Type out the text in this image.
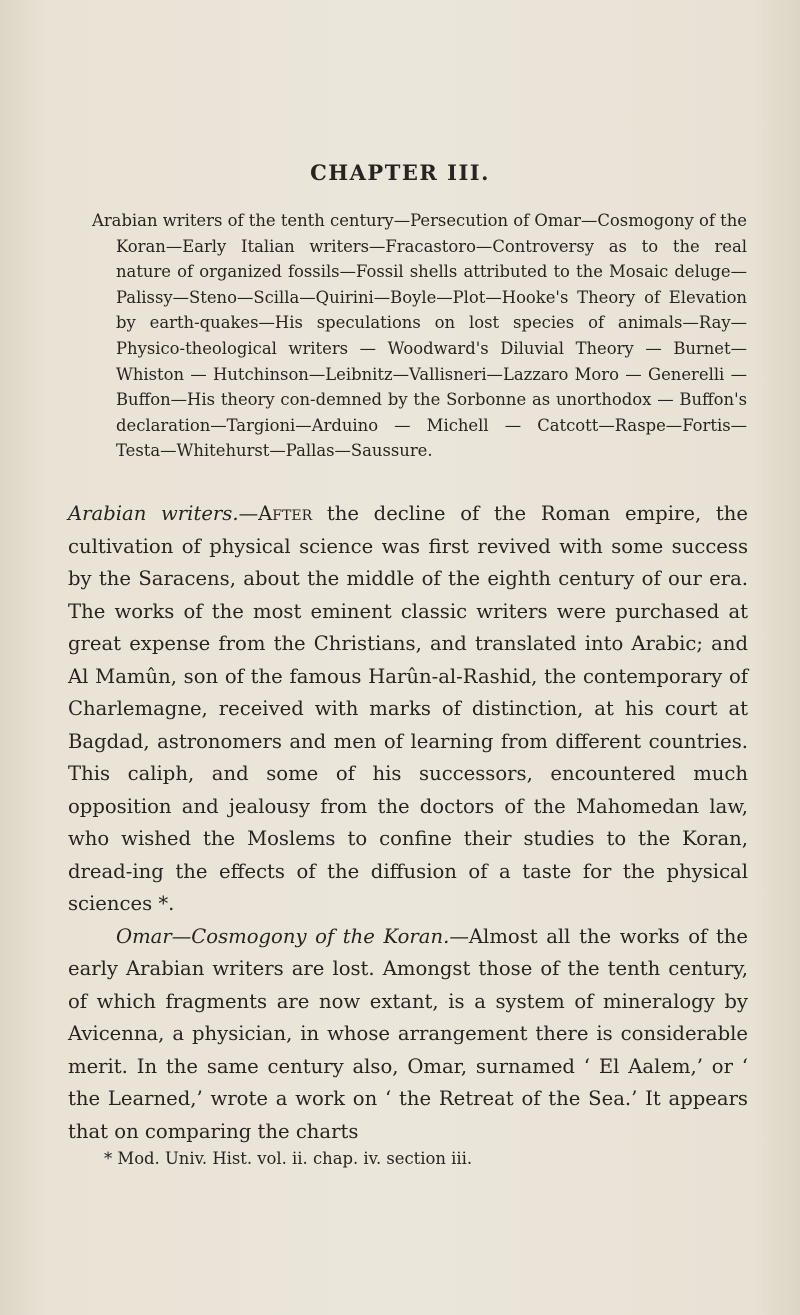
CHAPTER III.

Arabian writers of the tenth century—Persecution of Omar—Cosmogony of the Koran—Early Italian writers—Fracastoro—Controversy as to the real nature of organized fossils—Fossil shells attributed to the Mosaic deluge—Palissy—Steno—Scilla—Quirini—Boyle—Plot—Hooke's Theory of Elevation by earth-quakes—His speculations on lost species of animals—Ray—Physico-theological writers — Woodward's Diluvial Theory — Burnet—Whiston — Hutchinson—Leibnitz—Vallisneri—Lazzaro Moro — Generelli — Buffon—His theory con-demned by the Sorbonne as unorthodox — Buffon's declaration—Targioni—Arduino — Michell — Catcott—Raspe—Fortis—Testa—Whitehurst—Pallas—Saussure.

Arabian writers.—After the decline of the Roman empire, the cultivation of physical science was first revived with some success by the Saracens, about the middle of the eighth century of our era. The works of the most eminent classic writers were purchased at great expense from the Christians, and translated into Arabic; and Al Mamûn, son of the famous Harûn-al-Rashid, the contemporary of Charlemagne, received with marks of distinction, at his court at Bagdad, astronomers and men of learning from different countries. This caliph, and some of his successors, encountered much opposition and jealousy from the doctors of the Mahomedan law, who wished the Moslems to confine their studies to the Koran, dread-ing the effects of the diffusion of a taste for the physical sciences *.

Omar—Cosmogony of the Koran.—Almost all the works of the early Arabian writers are lost. Amongst those of the tenth century, of which fragments are now extant, is a system of mineralogy by Avicenna, a physician, in whose arrangement there is considerable merit. In the same century also, Omar, surnamed ‘ El Aalem,’ or ‘ the Learned,’ wrote a work on ‘ the Retreat of the Sea.’ It appears that on comparing the charts

* Mod. Univ. Hist. vol. ii. chap. iv. section iii.
